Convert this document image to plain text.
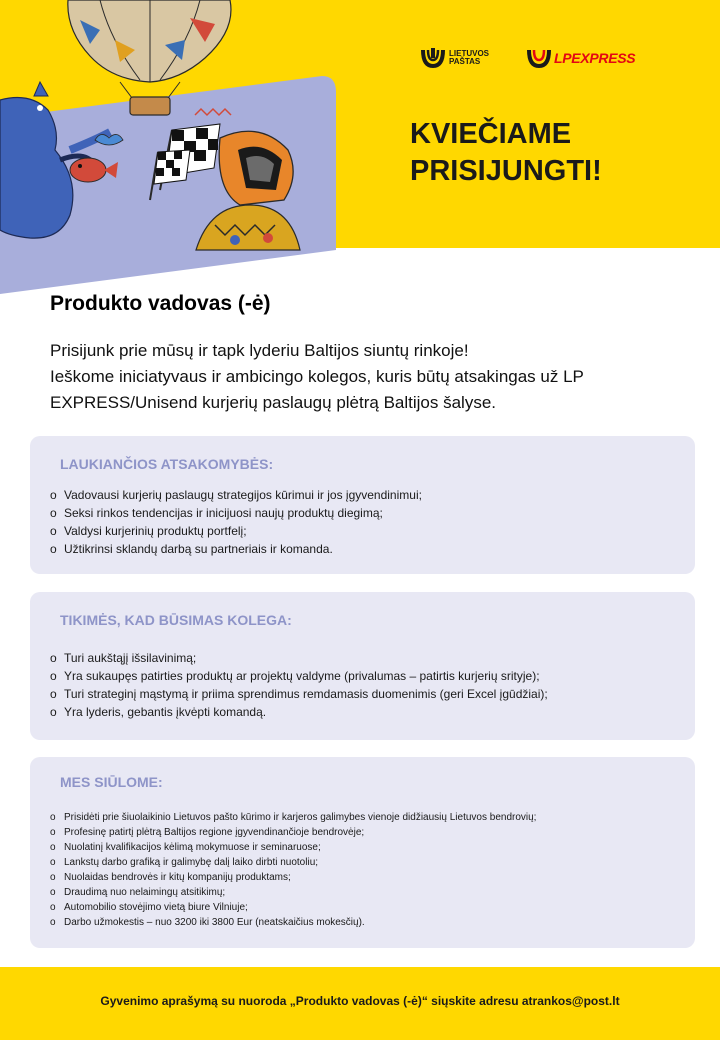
LIETUVOS
PAŠTAS	LPEXPRESS
KVIEČIAME
PRISIJUNGTI!
Produkto vadovas (-ė)

Prisijunk prie mūsų ir tapk lyderiu Baltijos siuntų rinkoje!

Ieškome iniciatyvaus ir ambicingo kolegos, kuris būtų atsakingas už LP EXPRESS/Unisend kurjerių paslaugų plėtrą Baltijos šalyse.

LAUKIANČIOS ATSAKOMYBĖS:
o Vadovausi kurjerių paslaugų strategijos kūrimui ir jos įgyvendinimui;
o Seksi rinkos tendencijas ir inicijuosi naujų produktų diegimą;
o Valdysi kurjerinių produktų portfelį;
o Užtikrinsi sklandų darbą su partneriais ir komanda.
TIKIMĖS, KAD BŪSIMAS KOLEGA:
o Turi aukštąjį išsilavinimą;
o Yra sukaupęs patirties produktų ar projektų valdyme (privalumas – patirtis kurjerių srityje);
o Turi strateginį mąstymą ir priima sprendimus remdamasis duomenimis (geri Excel įgūdžiai);
o Yra lyderis, gebantis įkvėpti komandą.
MES SIŪLOME:
o Prisidėti prie šiuolaikinio Lietuvos pašto kūrimo ir karjeros galimybes vienoje didžiausių Lietuvos bendrovių;
o Profesinę patirtį plėtrą Baltijos regione įgyvendinančioje bendrovėje;
o Nuolatinį kvalifikacijos kėlimą mokymuose ir seminaruose;
o Lankstų darbo grafiką ir galimybę dalį laiko dirbti nuotoliu;
o Nuolaidas bendrovės ir kitų kompanijų produktams;
o Draudimą nuo nelaimingų atsitikimų;
o Automobilio stovėjimo vietą biure Vilniuje;
o Darbo užmokestis – nuo 3200 iki 3800 Eur (neatskaičius mokesčių).
Gyvenimo aprašymą su nuoroda „Produkto vadovas (-ė)“ siųskite adresu atrankos@post.lt
